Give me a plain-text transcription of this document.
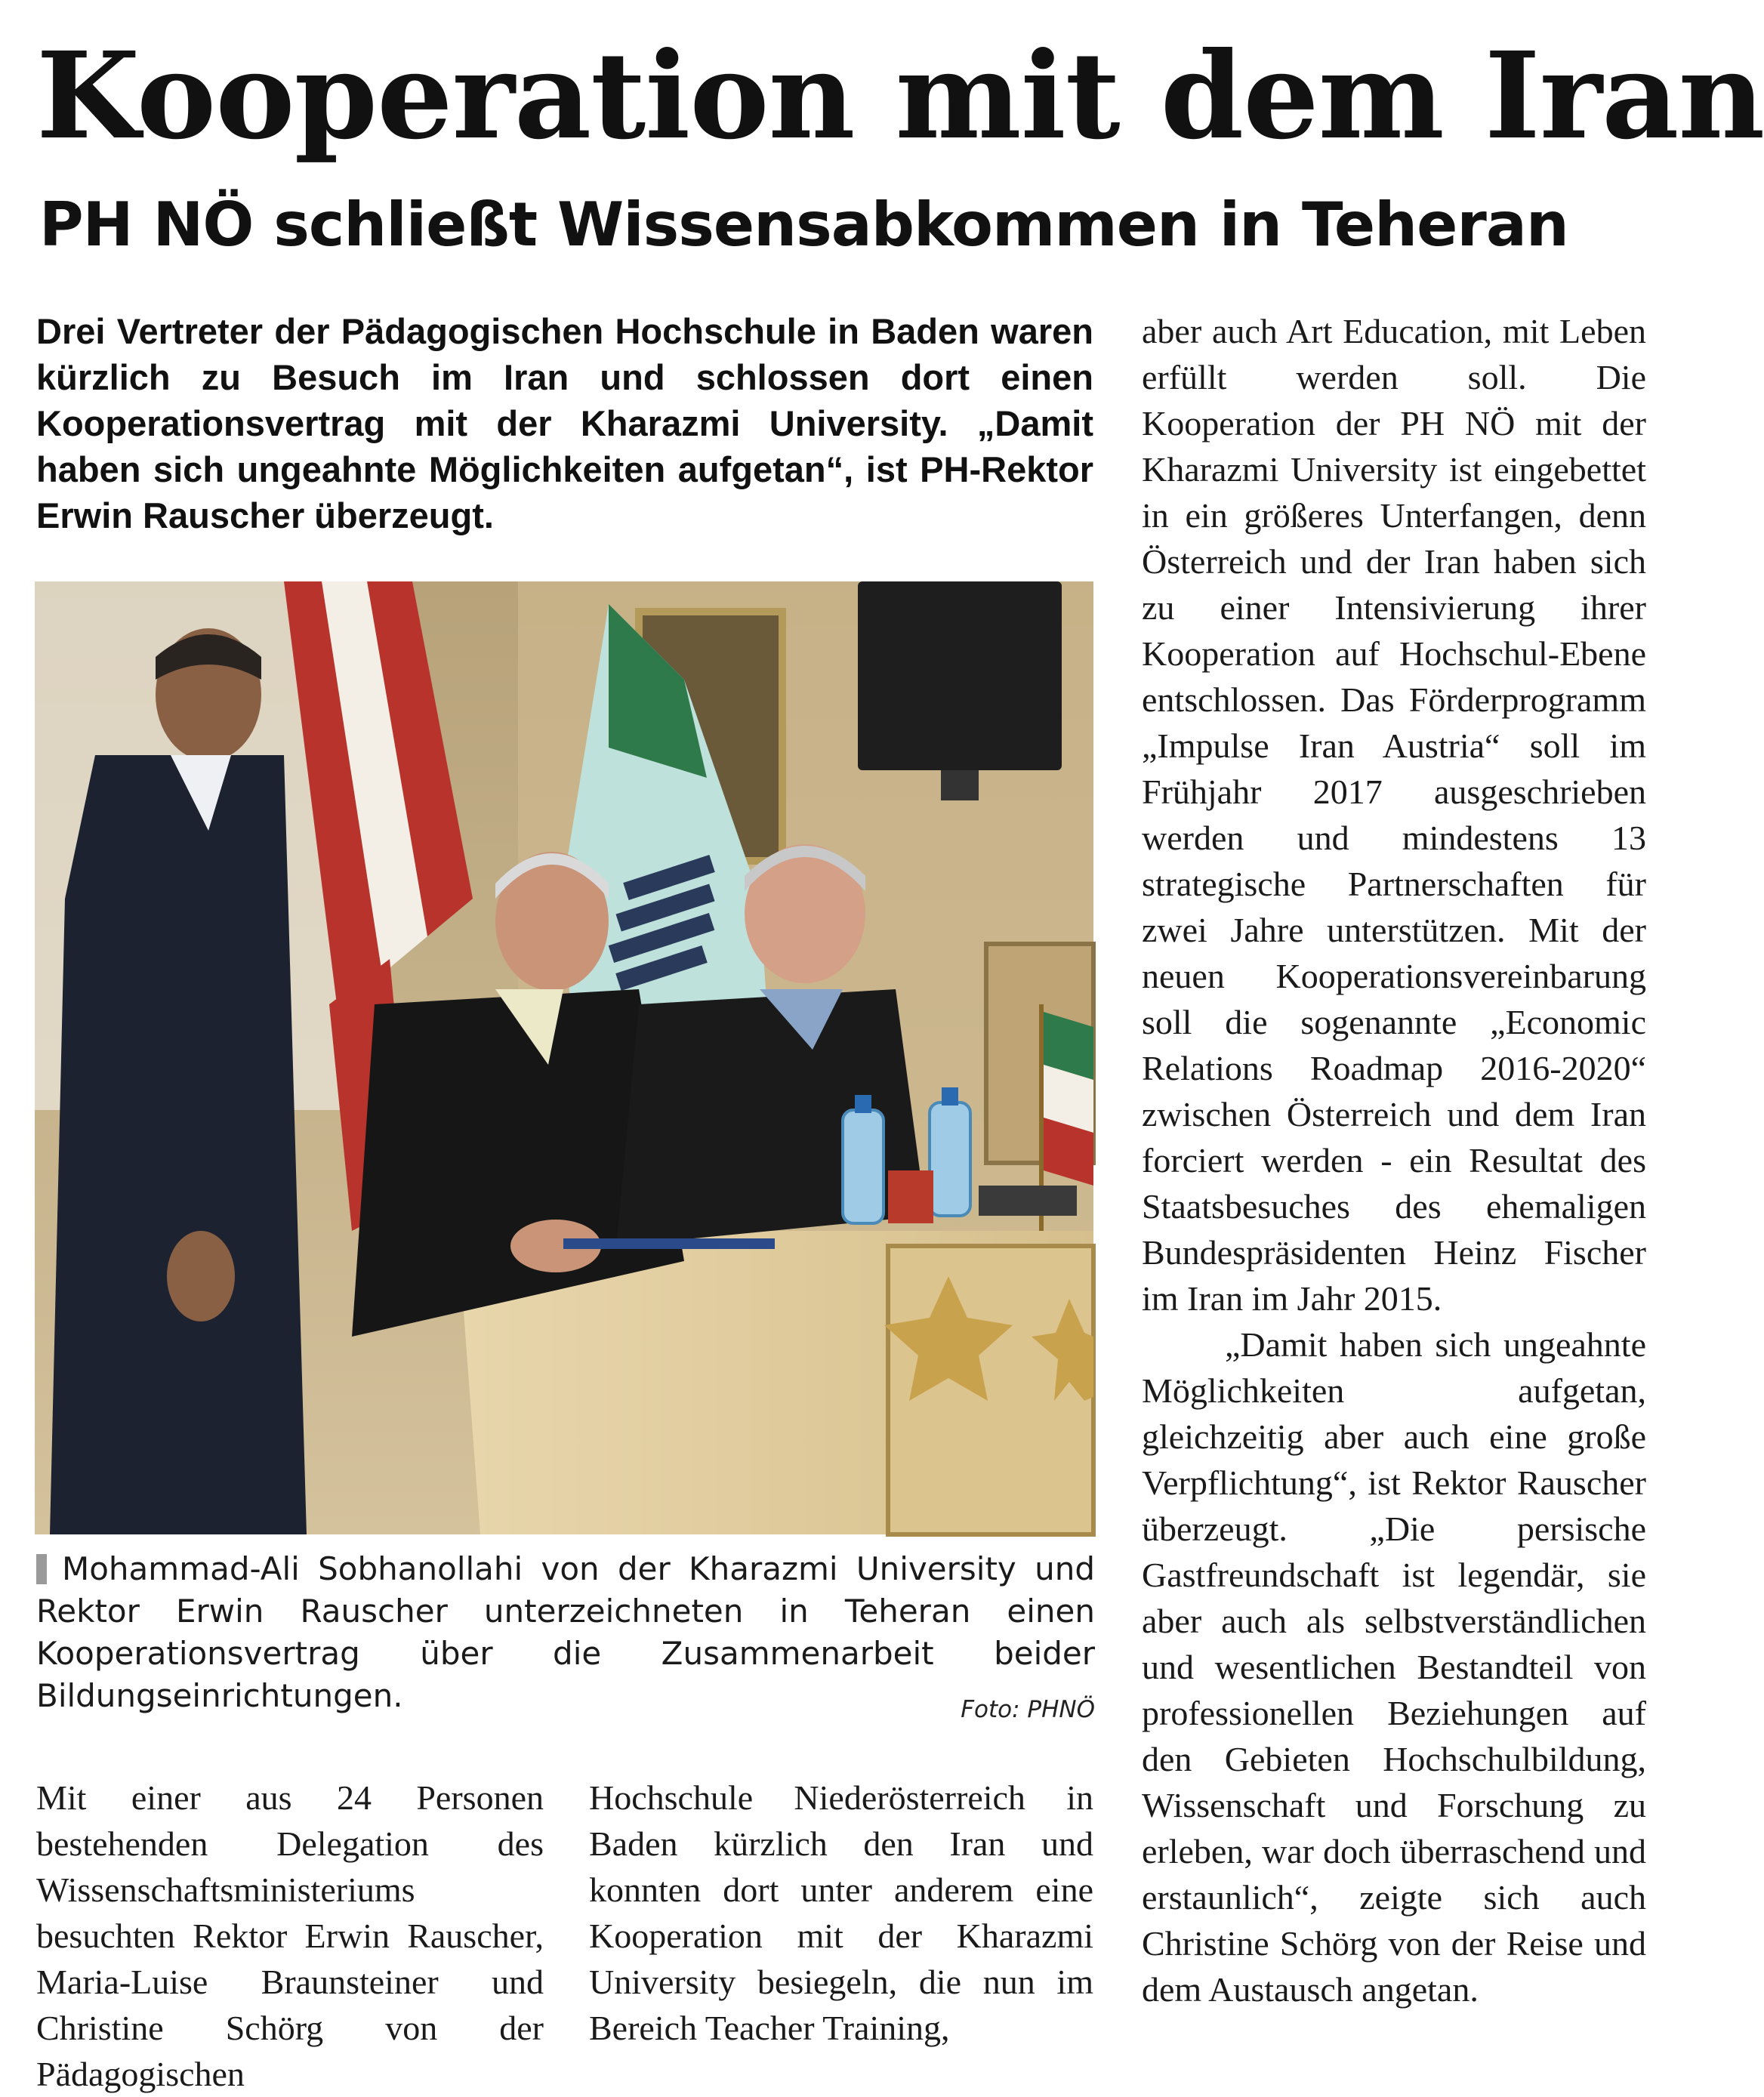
Kooperation mit dem Iran
PH NÖ schließt Wissensabkommen in Teheran

Drei Vertreter der Pädagogischen Hochschule in Baden waren kürzlich zu Besuch im Iran und schlossen dort einen Kooperationsvertrag mit der Kharazmi University. „Damit haben sich ungeahnte Möglichkeiten aufgetan“, ist PH-Rektor Erwin Rauscher überzeugt.

Mohammad-Ali Sobhanollahi von der Kharazmi University und Rektor Erwin Rauscher unterzeichneten in Teheran einen Kooperationsvertrag über die Zusammenarbeit beider Bildungseinrichtungen.	Foto: PHNÖ

Mit einer aus 24 Personen bestehenden Delegation des Wissenschaftsministeriums besuchten Rektor Erwin Rauscher, Maria-Luise Braunsteiner und Christine Schörg von der Pädagogischen

Hochschule Niederösterreich in Baden kürzlich den Iran und konnten dort unter anderem eine Kooperation mit der Kharazmi University besiegeln, die nun im Bereich Teacher Training,

aber auch Art Education, mit Leben erfüllt werden soll. Die Kooperation der PH NÖ mit der Kharazmi University ist eingebettet in ein größeres Unterfangen, denn Österreich und der Iran haben sich zu einer Intensivierung ihrer Kooperation auf Hochschul-Ebene entschlossen. Das Förderprogramm „Impulse Iran Austria“ soll im Frühjahr 2017 ausgeschrieben werden und mindestens 13 strategische Partnerschaften für zwei Jahre unterstützen. Mit der neuen Kooperationsvereinbarung soll die sogenannte „Economic Relations Roadmap 2016-2020“ zwischen Österreich und dem Iran forciert werden - ein Resultat des Staatsbesuches des ehemaligen Bundespräsidenten Heinz Fischer im Iran im Jahr 2015.

„Damit haben sich ungeahnte Möglichkeiten aufgetan, gleichzeitig aber auch eine große Verpflichtung“, ist Rektor Rauscher überzeugt. „Die persische Gastfreundschaft ist legendär, sie aber auch als selbstverständlichen und wesentlichen Bestandteil von professionellen Beziehungen auf den Gebieten Hochschulbildung, Wissenschaft und Forschung zu erleben, war doch überraschend und erstaunlich“, zeigte sich auch Christine Schörg von der Reise und dem Austausch angetan.
